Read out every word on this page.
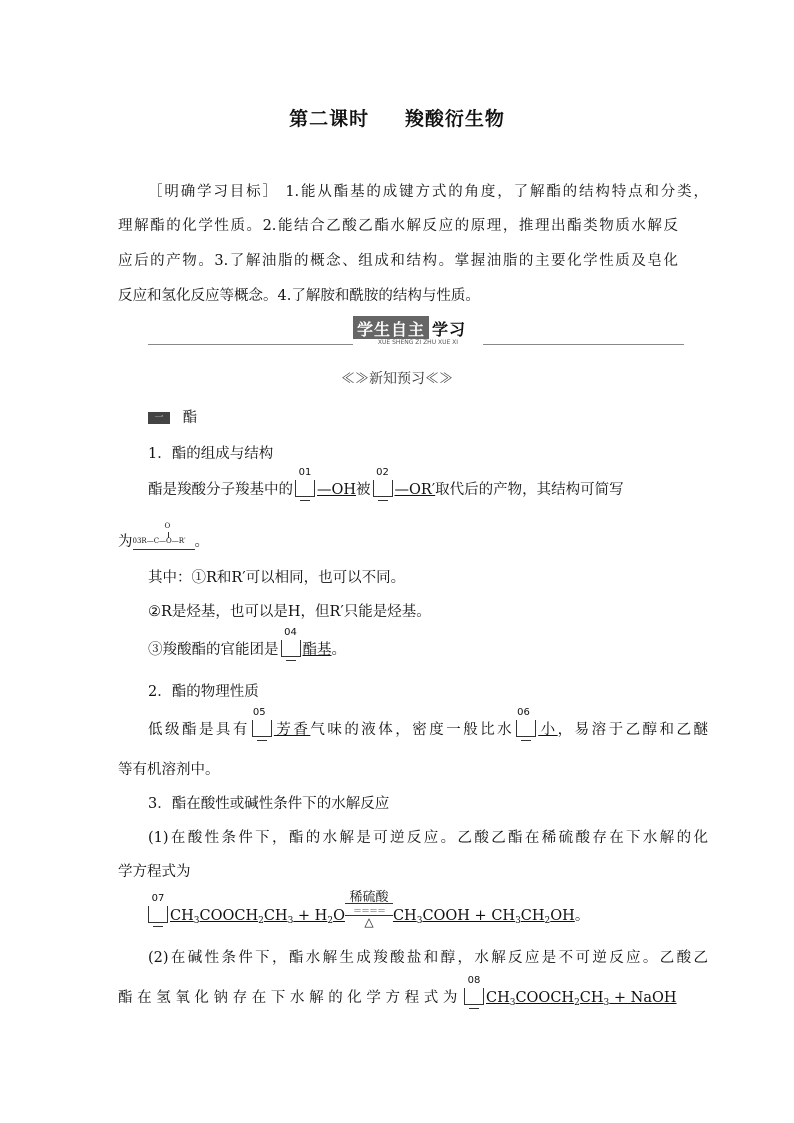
第二课时 羧酸衍生物
［明确学习目标］ 1.能从酯基的成键方式的角度，了解酯的结构特点和分类，
理解酯的化学性质。2.能结合乙酸乙酯水解反应的原理，推理出酯类物质水解反
应后的产物。3.了解油脂的概念、组成和结构。掌握油脂的主要化学性质及皂化
反应和氢化反应等概念。4.了解胺和酰胺的结构与性质。
学生自主 学习
XUE SHENG ZI ZHU XUE XI
≪≫新知预习≪≫
一 酯
1．酯的组成与结构
酯是羧酸分子羧基中的
01
—OH被
02
—OR′取代后的产物，其结构可简写
为
O
03R—C—O—R′ 。
其中：①R和R′可以相同，也可以不同。
②R是烃基，也可以是H，但R′只能是烃基。
③羧酸酯的官能团是
04
酯基。
2．酯的物理性质
低级酯是具有
05
芳香气味的液体，密度一般比水
06
小，易溶于乙醇和乙醚
等有机溶剂中。
3．酯在酸性或碱性条件下的水解反应
(1)在酸性条件下，酯的水解是可逆反应。乙酸乙酯在稀硫酸存在下水解的化
学方程式为
07
$CH_3COOCH_2CH_3 + H_2O$
稀硫酸
＝＝＝＝
△	$CH_3COOH + CH_3CH_2OH$。
(2)在碱性条件下，酯水解生成羧酸盐和醇，水解反应是不可逆反应。乙酸乙
酯 在 氢 氧 化 钠 存 在 下 水 解 的 化 学 方 程 式 为
08
$CH_3COOCH_2CH_3$ + NaOH
